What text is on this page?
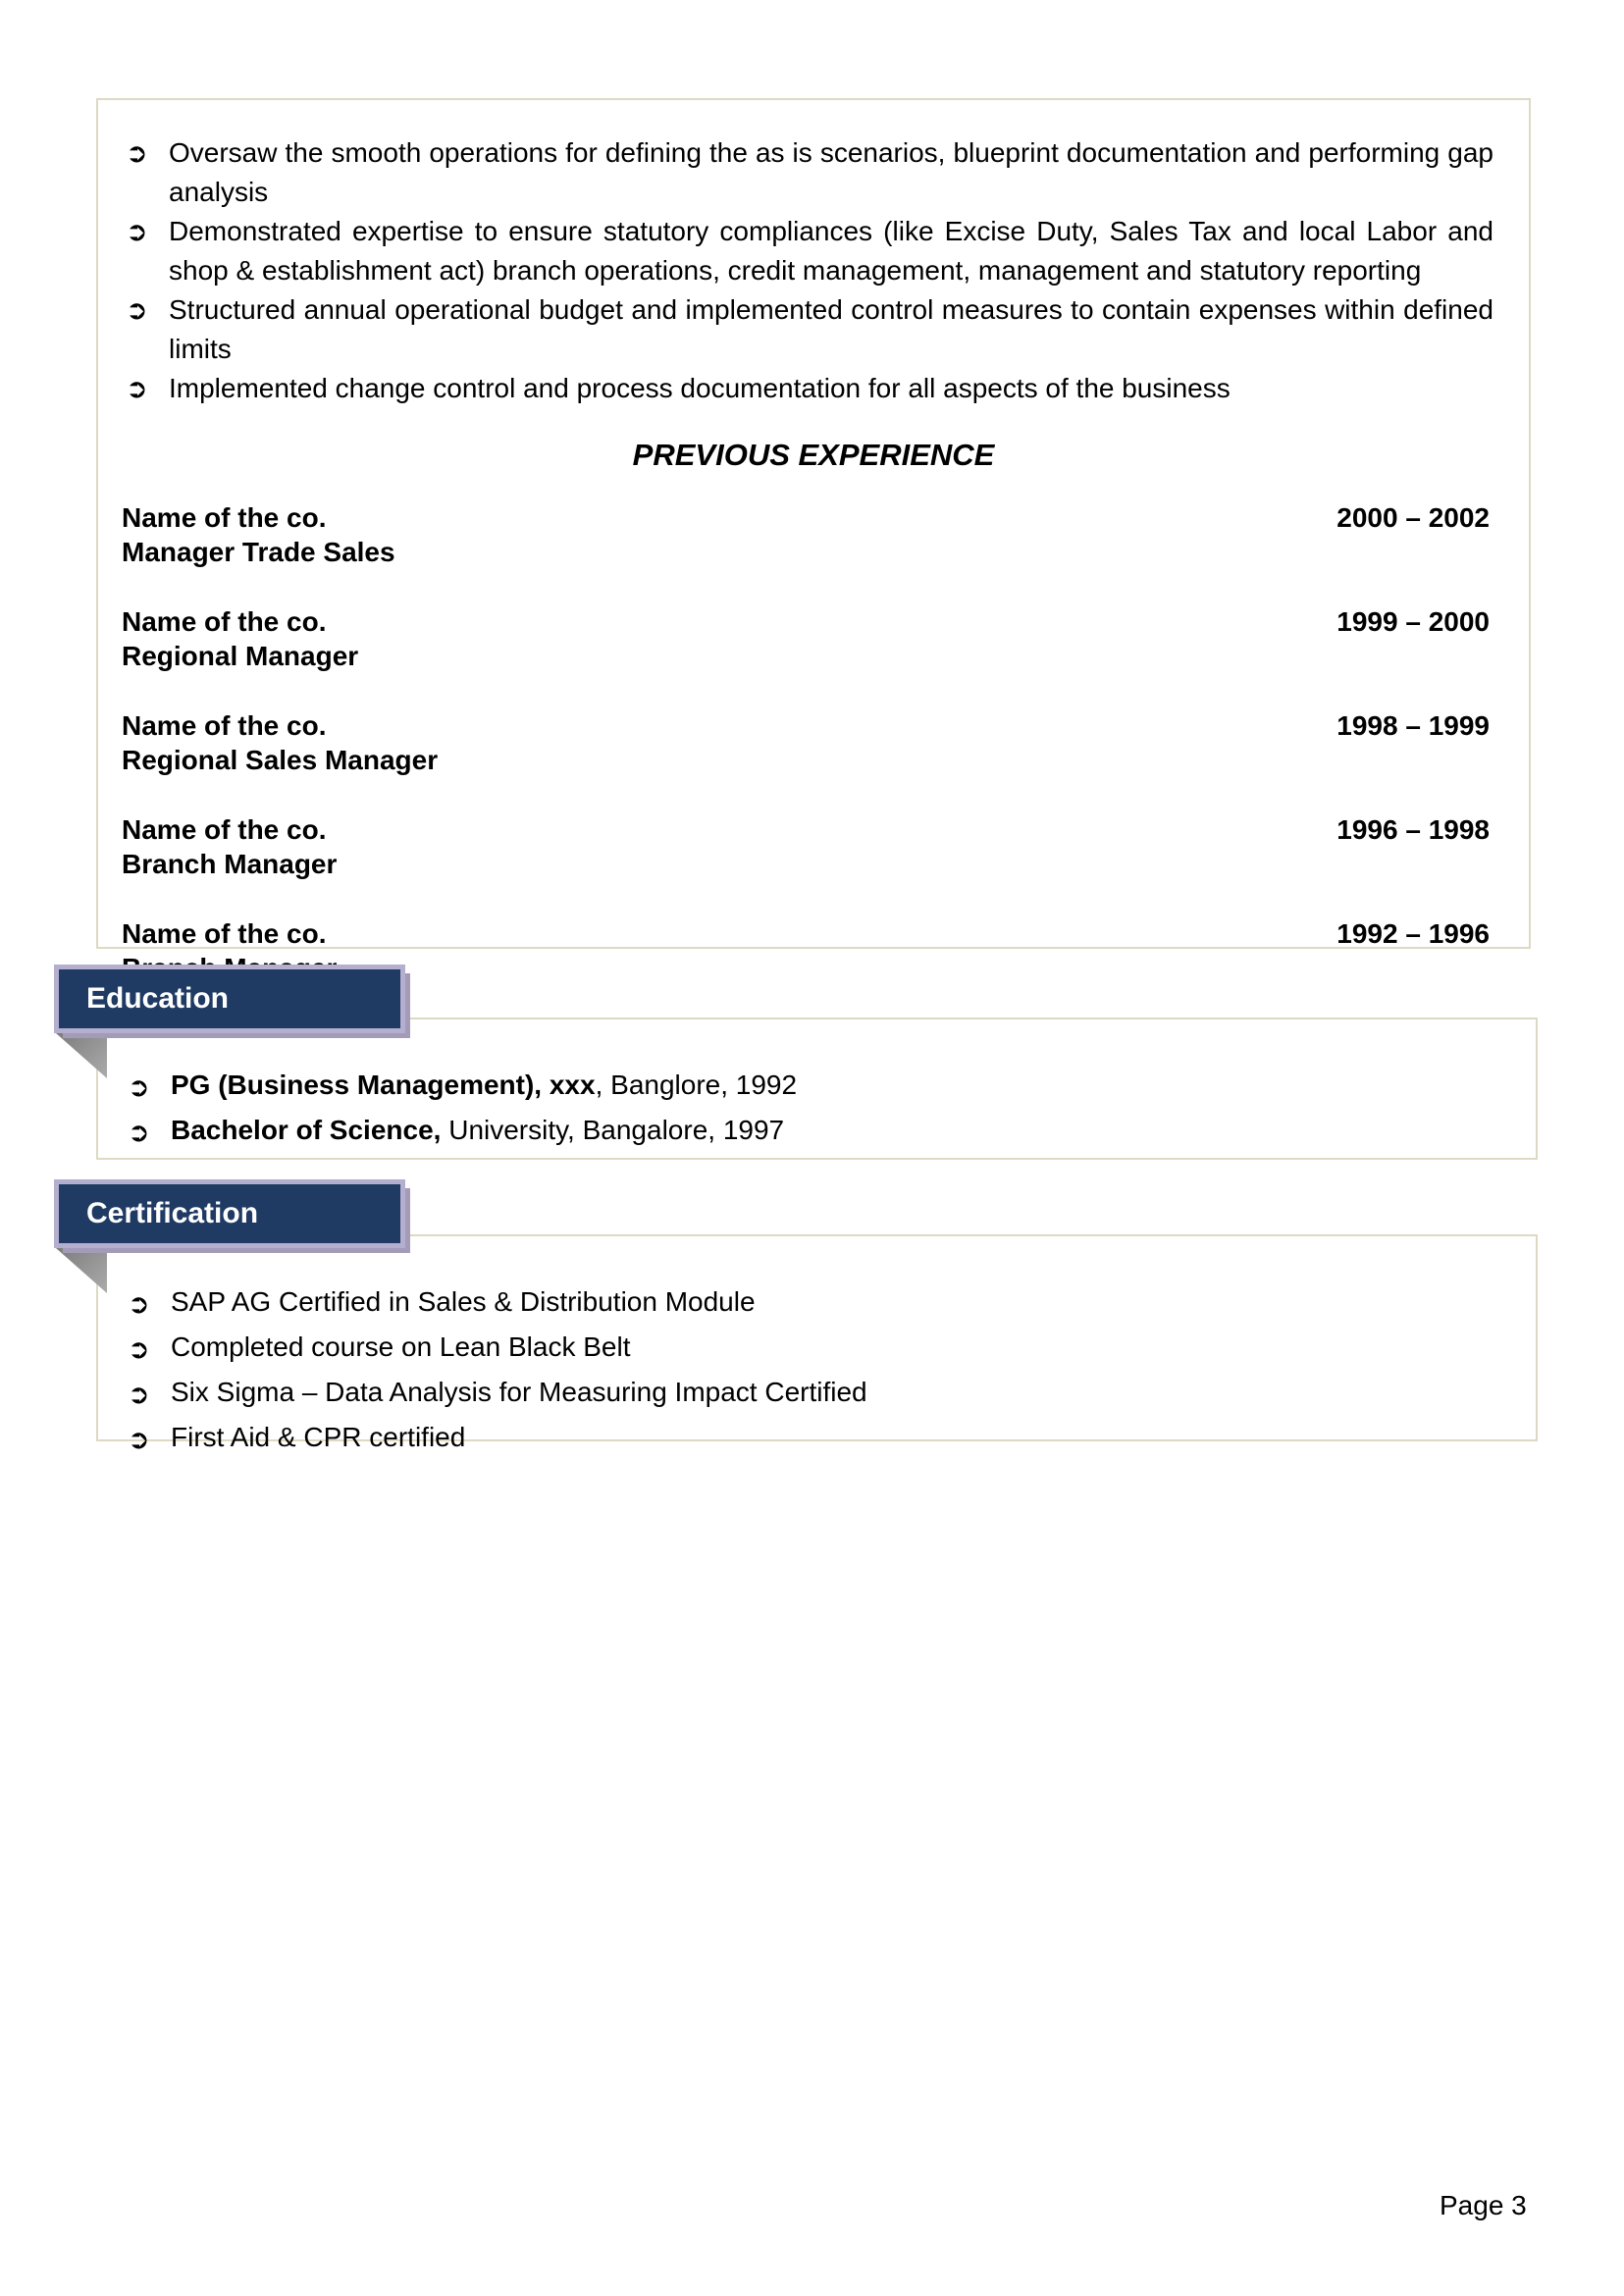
➲ Oversaw the smooth operations for defining the as is scenarios, blueprint documentation and performing gap analysis
➲ Demonstrated expertise to ensure statutory compliances (like Excise Duty, Sales Tax and local Labor and shop & establishment act) branch operations, credit management, management and statutory reporting
➲ Structured annual operational budget and implemented control measures to contain expenses within defined limits
➲ Implemented change control and process documentation for all aspects of the business
PREVIOUS EXPERIENCE
Name of the co.
Manager Trade Sales
2000 – 2002
Name of the co.
Regional Manager
1999 – 2000
Name of the co.
Regional Sales Manager
1998 – 1999
Name of the co.
Branch Manager
1996 – 1998
Name of the co.	1992 – 1996
➲ PG (Business Management), xxx, Banglore, 1992
➲ Bachelor of Science, University, Bangalore, 1997
Education
➲ SAP AG Certified in Sales & Distribution Module
➲ Completed course on Lean Black Belt
➲ Six Sigma – Data Analysis for Measuring Impact Certified
➲ First Aid & CPR certified
Certification
Page 3
